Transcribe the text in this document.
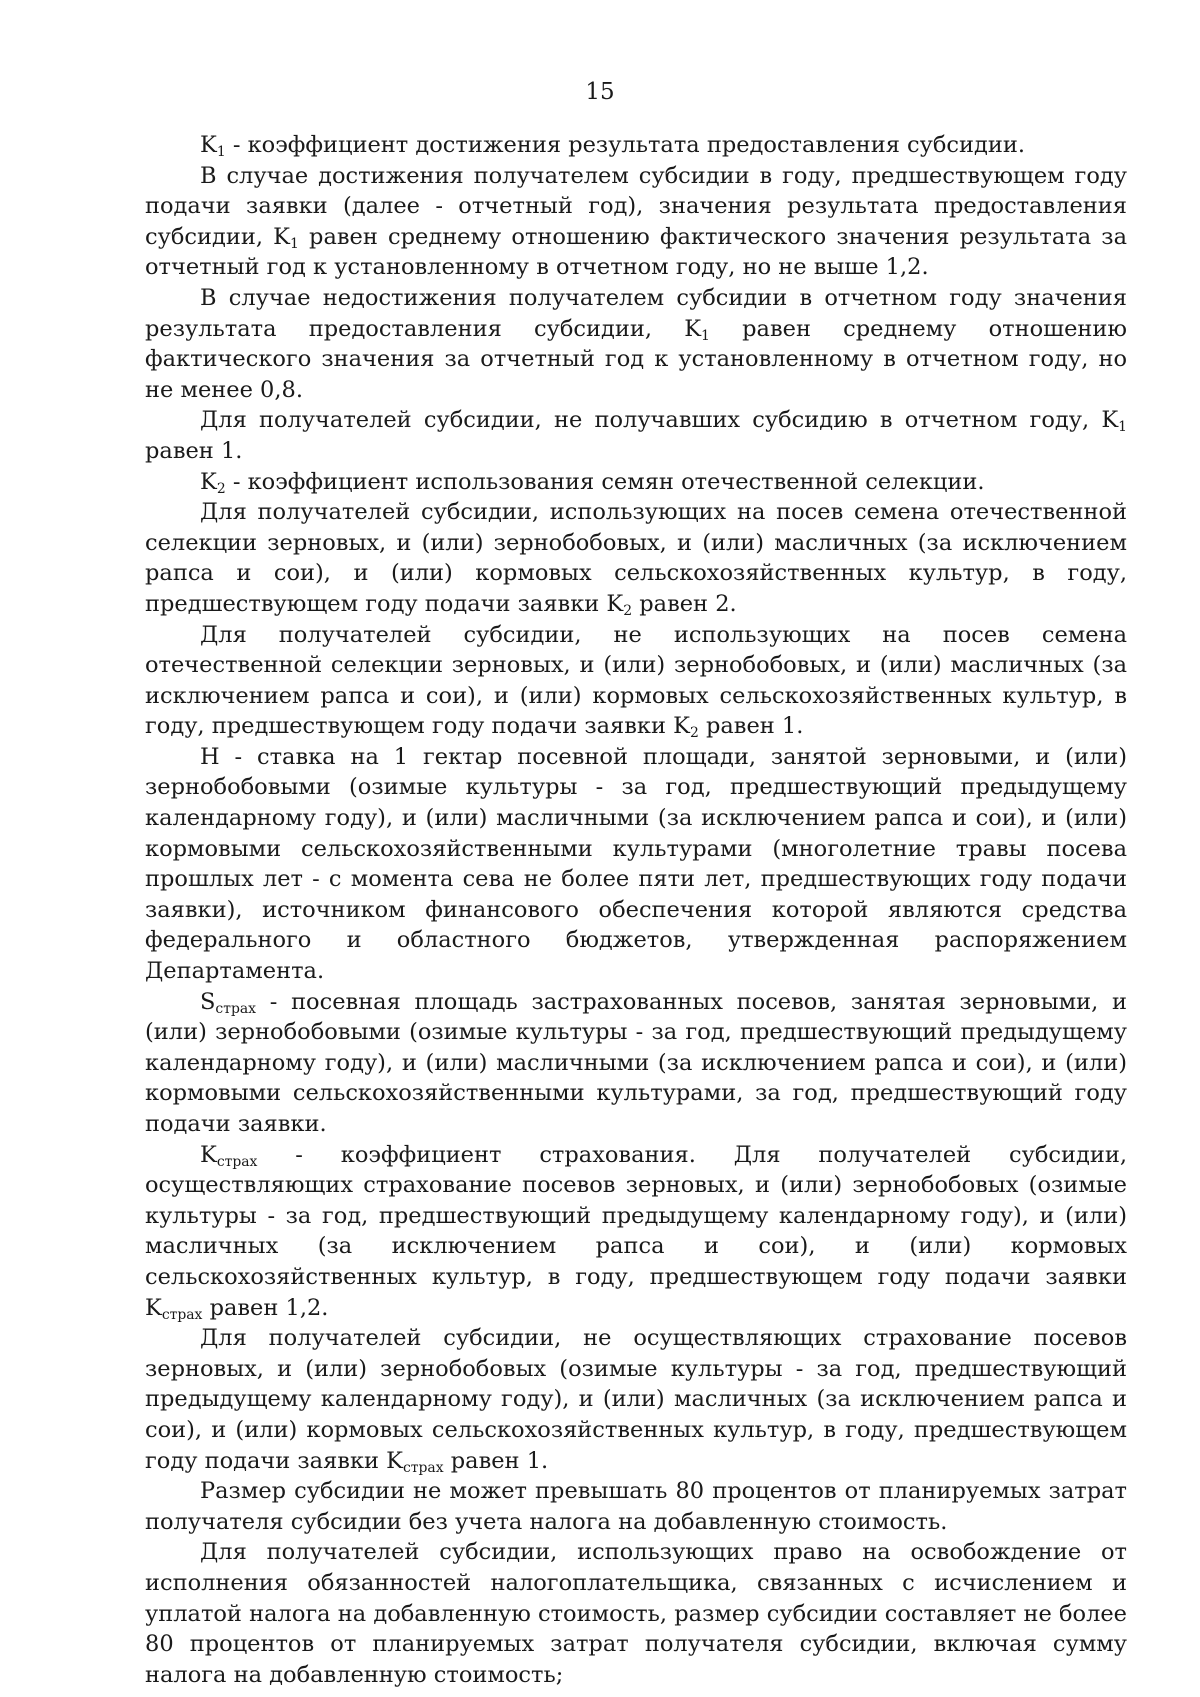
15

$K_1$ - коэффициент достижения результата предоставления субсидии.

В случае достижения получателем субсидии в году, предшествующем году подачи заявки (далее - отчетный год), значения результата предоставления субсидии, $K_1$ равен среднему отношению фактического значения результата за отчетный год к установленному в отчетном году, но не выше 1,2.

В случае недостижения получателем субсидии в отчетном году значения результата предоставления субсидии, $K_1$ равен среднему отношению фактического значения за отчетный год к установленному в отчетном году, но не менее 0,8.

Для получателей субсидии, не получавших субсидию в отчетном году, $K_1$ равен 1.

$K_2$ - коэффициент использования семян отечественной селекции.

Для получателей субсидии, использующих на посев семена отечественной селекции зерновых, и (или) зернобобовых, и (или) масличных (за исключением рапса и сои), и (или) кормовых сельскохозяйственных культур, в году, предшествующем году подачи заявки $K_2$ равен 2.

Для получателей субсидии, не использующих на посев семена отечественной селекции зерновых, и (или) зернобобовых, и (или) масличных (за исключением рапса и сои), и (или) кормовых сельскохозяйственных культур, в году, предшествующем году подачи заявки $K_2$ равен 1.

Н - ставка на 1 гектар посевной площади, занятой зерновыми, и (или) зернобобовыми (озимые культуры - за год, предшествующий предыдущему календарному году), и (или) масличными (за исключением рапса и сои), и (или) кормовыми сельскохозяйственными культурами (многолетние травы посева прошлых лет - с момента сева не более пяти лет, предшествующих году подачи заявки), источником финансового обеспечения которой являются средства федерального и областного бюджетов, утвержденная распоряжением Департамента.

$S_{страх}$ - посевная площадь застрахованных посевов, занятая зерновыми, и (или) зернобобовыми (озимые культуры - за год, предшествующий предыдущему календарному году), и (или) масличными (за исключением рапса и сои), и (или) кормовыми сельскохозяйственными культурами, за год, предшествующий году подачи заявки.

$K_{страх}$ - коэффициент страхования. Для получателей субсидии, осуществляющих страхование посевов зерновых, и (или) зернобобовых (озимые культуры - за год, предшествующий предыдущему календарному году), и (или) масличных (за исключением рапса и сои), и (или) кормовых сельскохозяйственных культур, в году, предшествующем году подачи заявки $K_{страх}$ равен 1,2.

Для получателей субсидии, не осуществляющих страхование посевов зерновых, и (или) зернобобовых (озимые культуры - за год, предшествующий предыдущему календарному году), и (или) масличных (за исключением рапса и сои), и (или) кормовых сельскохозяйственных культур, в году, предшествующем году подачи заявки $K_{страх}$ равен 1.

Размер субсидии не может превышать 80 процентов от планируемых затрат получателя субсидии без учета налога на добавленную стоимость.

Для получателей субсидии, использующих право на освобождение от исполнения обязанностей налогоплательщика, связанных с исчислением и уплатой налога на добавленную стоимость, размер субсидии составляет не более 80 процентов от планируемых затрат получателя субсидии, включая сумму налога на добавленную стоимость;
